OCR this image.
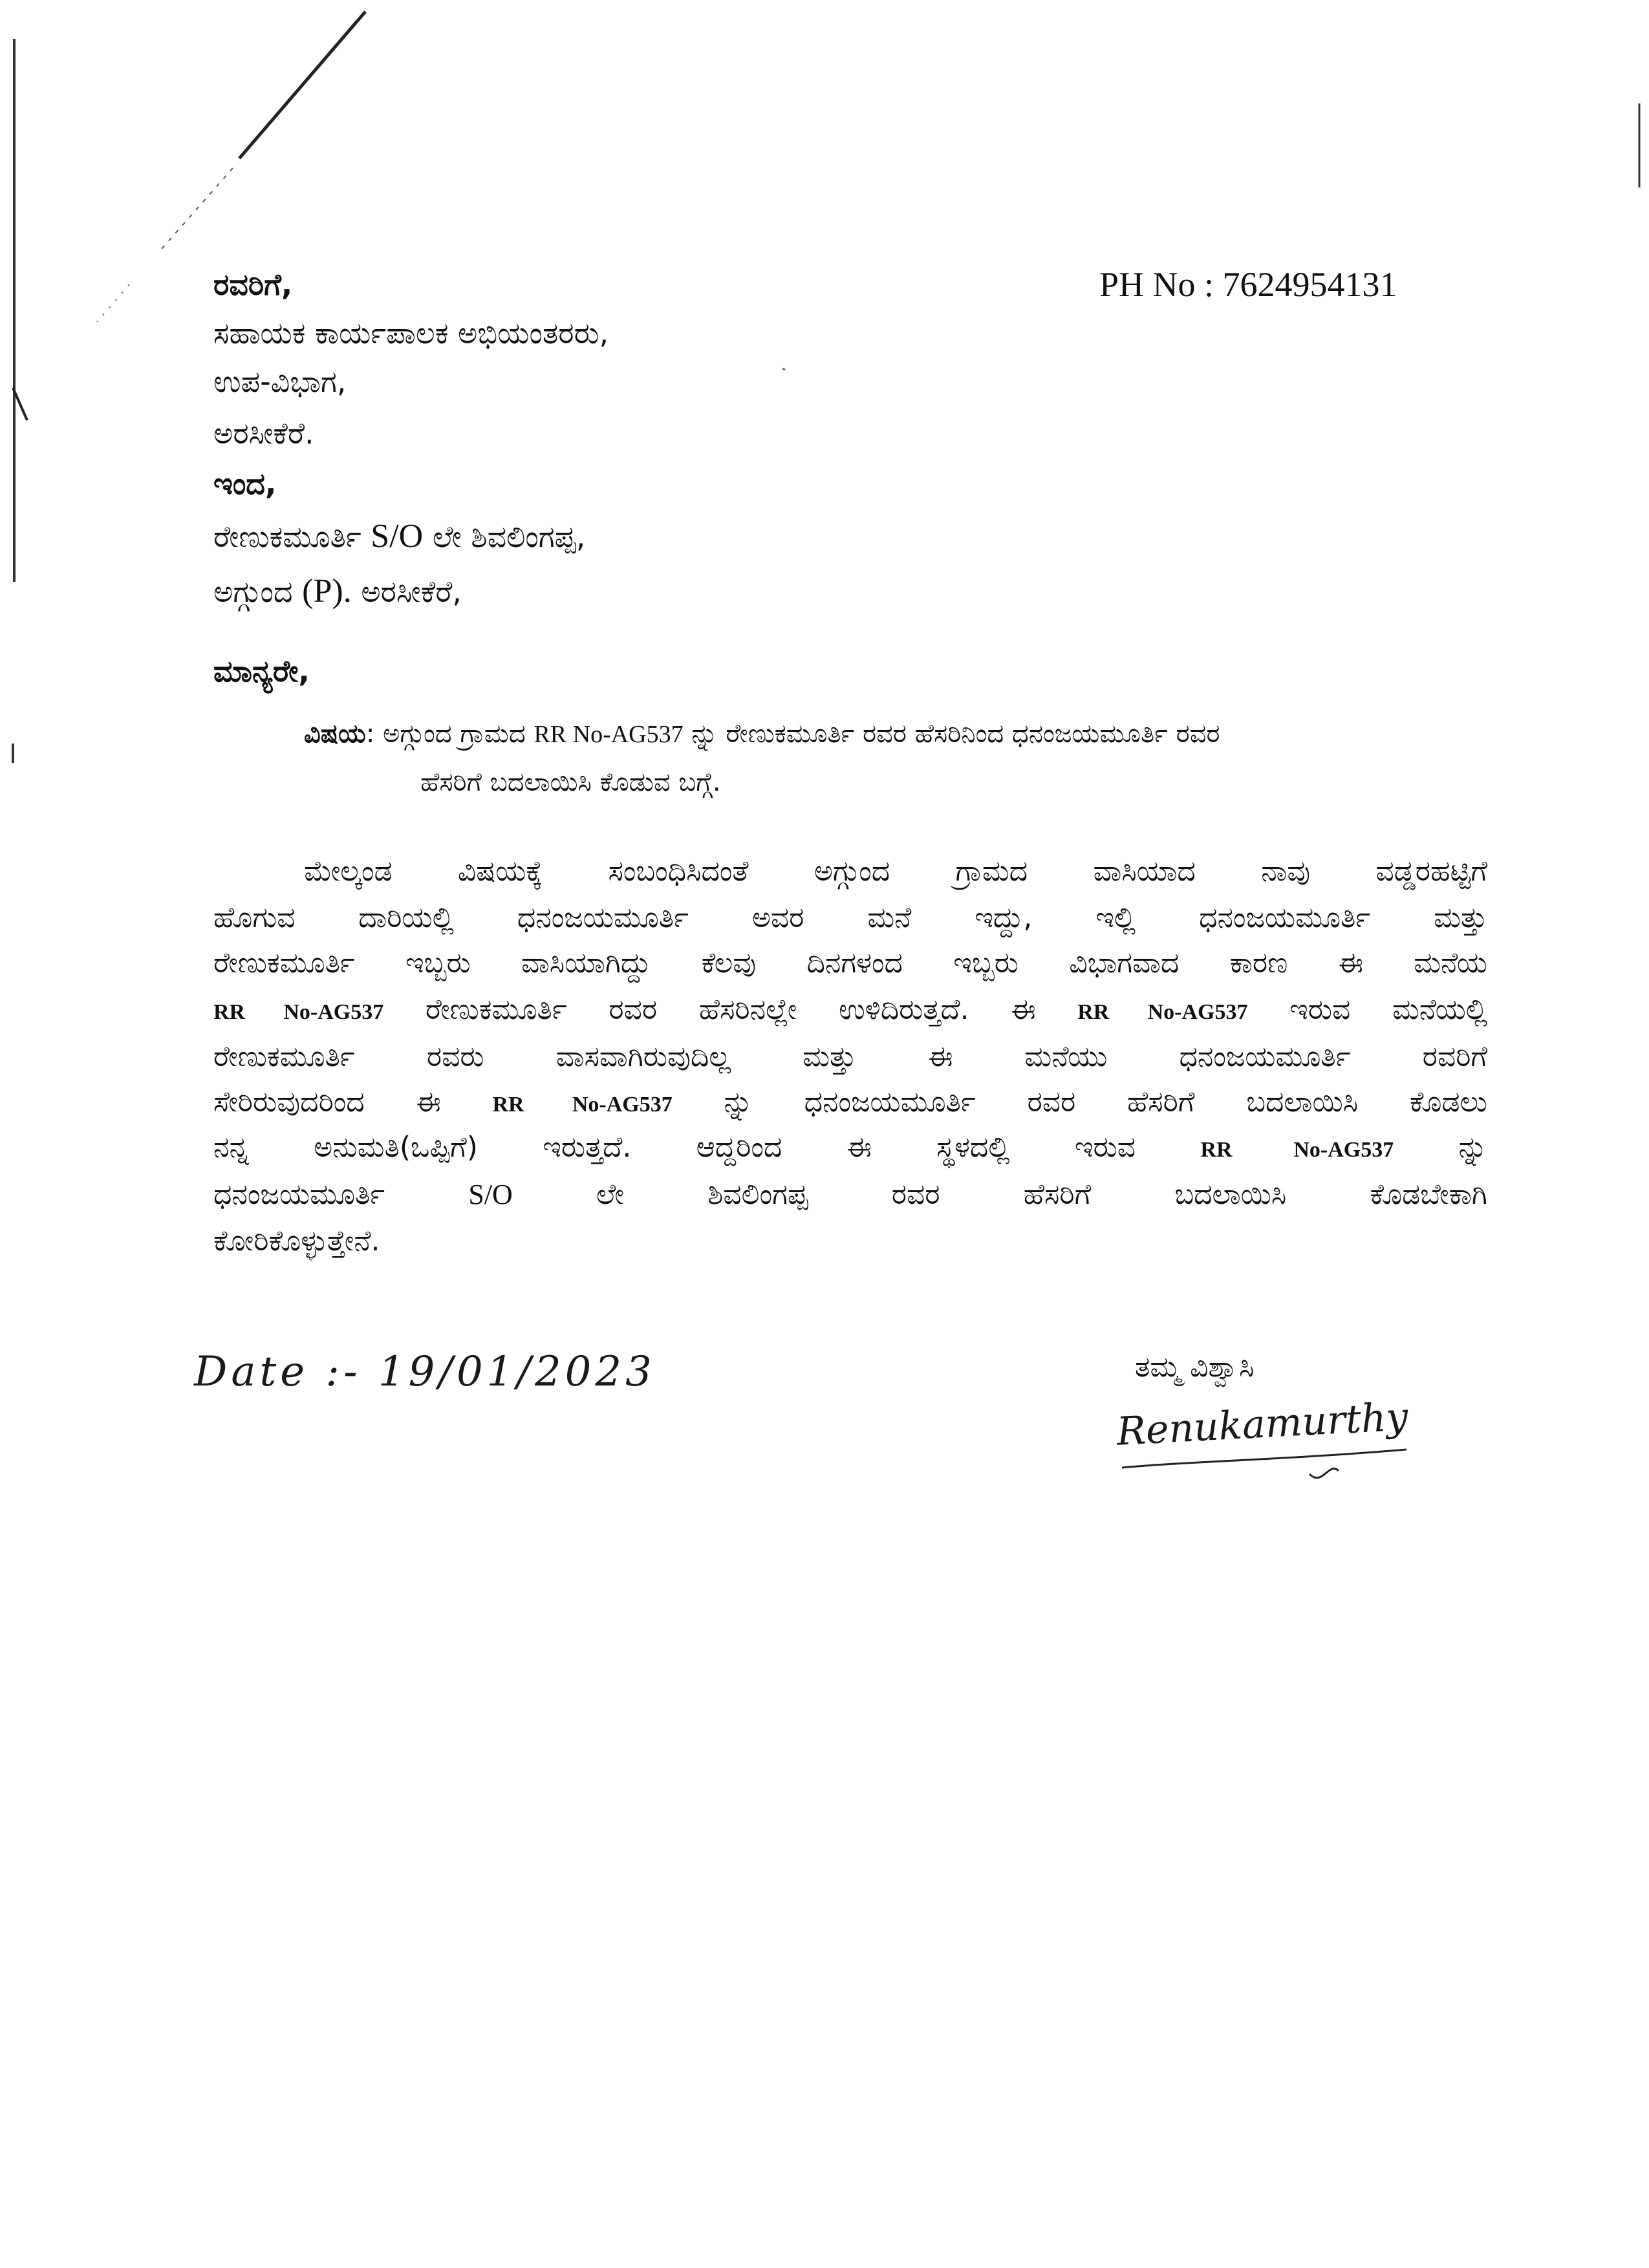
PH No : 7624954131
ರವರಿಗೆ,
ಸಹಾಯಕ ಕಾರ್ಯಪಾಲಕ ಅಭಿಯಂತರರು,
ಉಪ-ವಿಭಾಗ,
ಅರಸೀಕೆರೆ.
ಇಂದ,
ರೇಣುಕಮೂರ್ತಿ S/O ಲೇ ಶಿವಲಿಂಗಪ್ಪ,
ಅಗ್ಗುಂದ (P). ಅರಸೀಕೆರೆ,
ಮಾನ್ಯರೇ,
ವಿಷಯ: ಅಗ್ಗುಂದ ಗ್ರಾಮದ RR No-AG537 ನ್ನು ರೇಣುಕಮೂರ್ತಿ ರವರ ಹೆಸರಿನಿಂದ ಧನಂಜಯಮೂರ್ತಿ ರವರ
ಹೆಸರಿಗೆ ಬದಲಾಯಿಸಿ ಕೊಡುವ ಬಗ್ಗೆ.
ಮೇಲ್ಕಂಡ ವಿಷಯಕ್ಕೆ ಸಂಬಂಧಿಸಿದಂತೆ ಅಗ್ಗುಂದ ಗ್ರಾಮದ ವಾಸಿಯಾದ ನಾವು ವಡ್ಡರಹಟ್ಟಿಗೆ
ಹೊಗುವ ದಾರಿಯಲ್ಲಿ ಧನಂಜಯಮೂರ್ತಿ ಅವರ ಮನೆ ಇದ್ದು, ಇಲ್ಲಿ ಧನಂಜಯಮೂರ್ತಿ ಮತ್ತು
ರೇಣುಕಮೂರ್ತಿ ಇಬ್ಬರು ವಾಸಿಯಾಗಿದ್ದು ಕೆಲವು ದಿನಗಳಂದ ಇಬ್ಬರು ವಿಭಾಗವಾದ ಕಾರಣ ಈ ಮನೆಯ
RR No-AG537 ರೇಣುಕಮೂರ್ತಿ ರವರ ಹೆಸರಿನಲ್ಲೇ ಉಳಿದಿರುತ್ತದೆ. ಈ RR No-AG537 ಇರುವ ಮನೆಯಲ್ಲಿ
ರೇಣುಕಮೂರ್ತಿ ರವರು ವಾಸವಾಗಿರುವುದಿಲ್ಲ ಮತ್ತು ಈ ಮನೆಯು ಧನಂಜಯಮೂರ್ತಿ ರವರಿಗೆ
ಸೇರಿರುವುದರಿಂದ ಈ RR No-AG537 ನ್ನು ಧನಂಜಯಮೂರ್ತಿ ರವರ ಹೆಸರಿಗೆ ಬದಲಾಯಿಸಿ ಕೊಡಲು
ನನ್ನ ಅನುಮತಿ(ಒಪ್ಪಿಗೆ) ಇರುತ್ತದೆ. ಆದ್ದರಿಂದ ಈ ಸ್ಥಳದಲ್ಲಿ ಇರುವ RR No-AG537 ನ್ನು
ಧನಂಜಯಮೂರ್ತಿ S/O ಲೇ ಶಿವಲಿಂಗಪ್ಪ ರವರ ಹೆಸರಿಗೆ ಬದಲಾಯಿಸಿ ಕೊಡಬೇಕಾಗಿ
ಕೋರಿಕೊಳ್ಳುತ್ತೇನೆ.
Date :- 19/01/2023	ತಮ್ಮ ವಿಶ್ವಾಸಿ
Renukamurthy
